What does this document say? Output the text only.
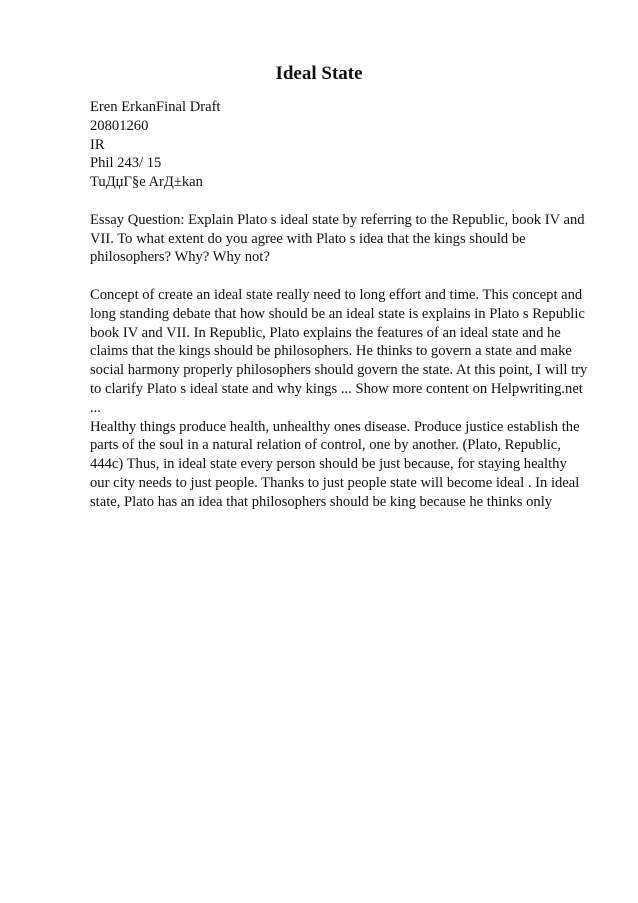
Ideal State
Eren ErkanFinal Draft
20801260
IR
Phil 243/ 15
TuДџГ§e ArД±kan
Essay Question: Explain Plato s ideal state by referring to the Republic, book IV and
VII. To what extent do you agree with Plato s idea that the kings should be
philosophers? Why? Why not?
Concept of create an ideal state really need to long effort and time. This concept and
long standing debate that how should be an ideal state is explains in Plato s Republic
book IV and VII. In Republic, Plato explains the features of an ideal state and he
claims that the kings should be philosophers. He thinks to govern a state and make
social harmony properly philosophers should govern the state. At this point, I will try
to clarify Plato s ideal state and why kings ... Show more content on Helpwriting.net
...
Healthy things produce health, unhealthy ones disease. Produce justice establish the
parts of the soul in a natural relation of control, one by another. (Plato, Republic,
444c) Thus, in ideal state every person should be just because, for staying healthy
our city needs to just people. Thanks to just people state will become ideal . In ideal
state, Plato has an idea that philosophers should be king because he thinks only
